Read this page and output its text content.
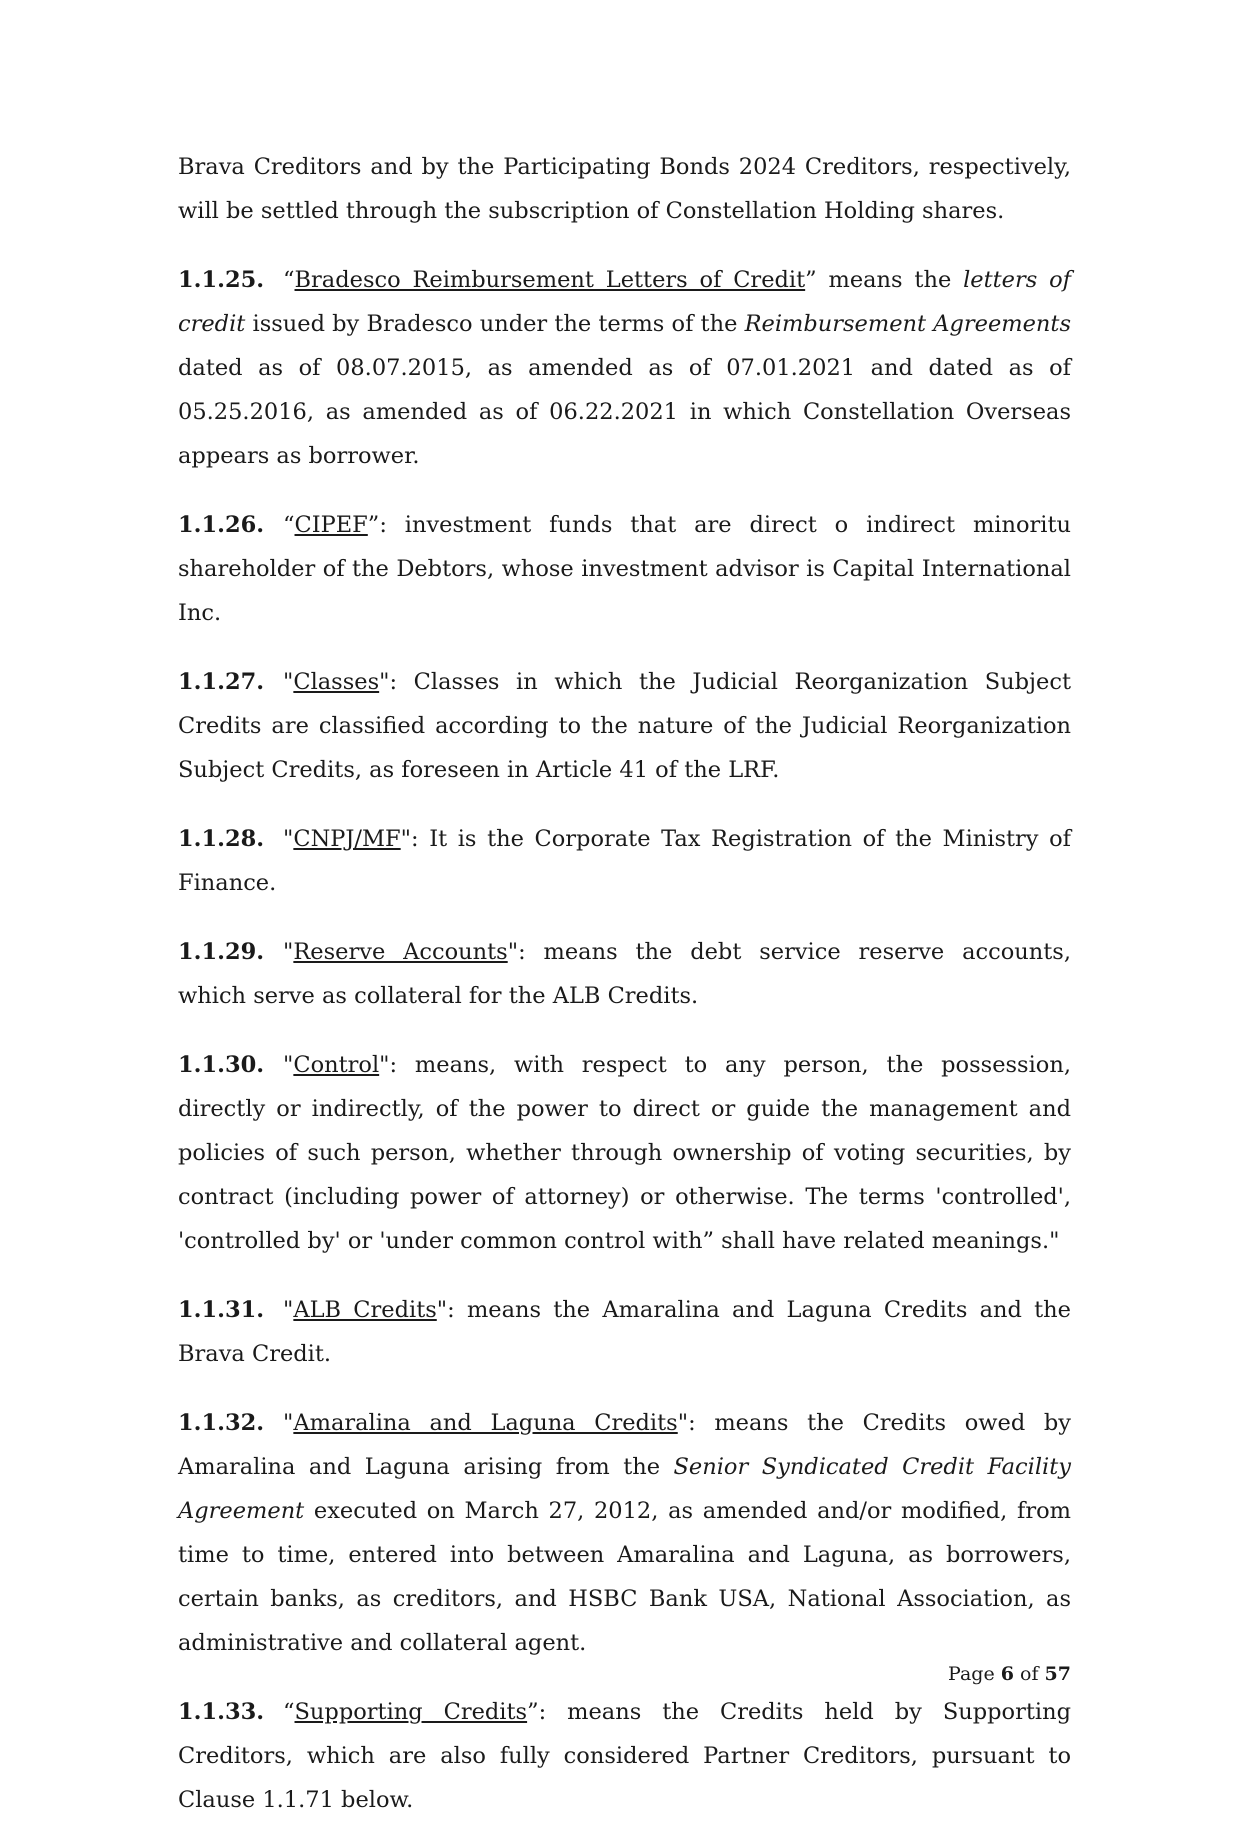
Brava Creditors and by the Participating Bonds 2024 Creditors, respectively, will be settled through the subscription of Constellation Holding shares.

1.1.25. “Bradesco Reimbursement Letters of Credit” means the letters of credit issued by Bradesco under the terms of the Reimbursement Agreements dated as of 08.07.2015, as amended as of 07.01.2021 and dated as of 05.25.2016, as amended as of 06.22.2021 in which Constellation Overseas appears as borrower.

1.1.26. “CIPEF”: investment funds that are direct o indirect minoritu shareholder of the Debtors, whose investment advisor is Capital International Inc.

1.1.27. "Classes": Classes in which the Judicial Reorganization Subject Credits are classified according to the nature of the Judicial Reorganization Subject Credits, as foreseen in Article 41 of the LRF.

1.1.28. "CNPJ/MF": It is the Corporate Tax Registration of the Ministry of Finance.

1.1.29. "Reserve Accounts": means the debt service reserve accounts, which serve as collateral for the ALB Credits.

1.1.30. "Control": means, with respect to any person, the possession, directly or indirectly, of the power to direct or guide the management and policies of such person, whether through ownership of voting securities, by contract (including power of attorney) or otherwise. The terms 'controlled', 'controlled by' or 'under common control with” shall have related meanings."

1.1.31. "ALB Credits": means the Amaralina and Laguna Credits and the Brava Credit.

1.1.32. "Amaralina and Laguna Credits": means the Credits owed by Amaralina and Laguna arising from the Senior Syndicated Credit Facility Agreement executed on March 27, 2012, as amended and/or modified, from time to time, entered into between Amaralina and Laguna, as borrowers, certain banks, as creditors, and HSBC Bank USA, National Association, as administrative and collateral agent.

1.1.33. “Supporting Credits”: means the Credits held by Supporting Creditors, which are also fully considered Partner Creditors, pursuant to Clause 1.1.71 below.

Page 6 of 57
